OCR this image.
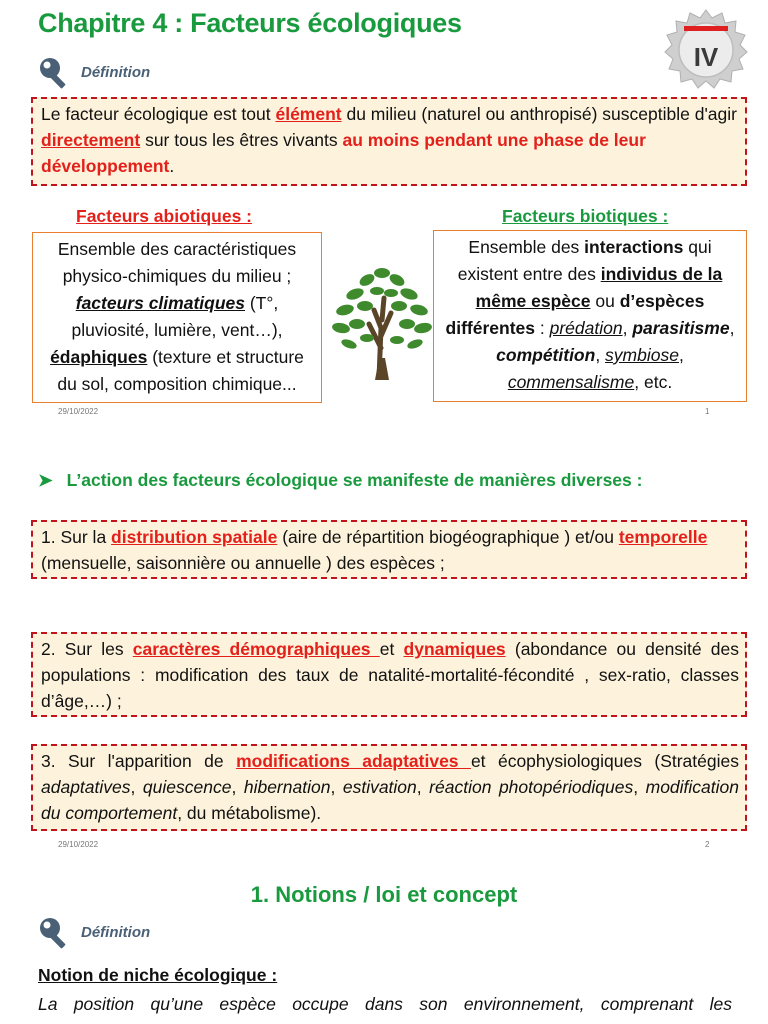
Chapitre 4 : Facteurs écologiques
IV
Définition
Le facteur écologique est tout élément du milieu (naturel ou anthropisé) susceptible d'agir directement sur tous les êtres vivants au moins pendant une phase de leur développement.
Facteurs abiotiques :	Facteurs biotiques :
Ensemble des caractéristiques physico-chimiques du milieu ; facteurs climatiques (T°, pluviosité, lumière, vent…), édaphiques (texture et structure du sol, composition chimique...
Ensemble des interactions qui existent entre des individus de la même espèce ou d’espèces différentes : prédation, parasitisme, compétition, symbiose, commensalisme, etc.
29/10/2022	1
➤ L’action des facteurs écologique se manifeste de manières diverses :
1. Sur la distribution spatiale (aire de répartition biogéographique ) et/ou temporelle (mensuelle, saisonnière ou annuelle ) des espèces ;
2. Sur les caractères démographiques et dynamiques (abondance ou densité des populations : modification des taux de natalité-mortalité-fécondité , sex-ratio, classes d’âge,…) ;
3. Sur l'apparition de modifications adaptatives et écophysiologiques (Stratégies adaptatives, quiescence, hibernation, estivation, réaction photopériodiques, modification du comportement, du métabolisme).
29/10/2022	2
1. Notions / loi et concept
Définition
Notion de niche écologique :
La position qu’une espèce occupe dans son environnement, comprenant les
